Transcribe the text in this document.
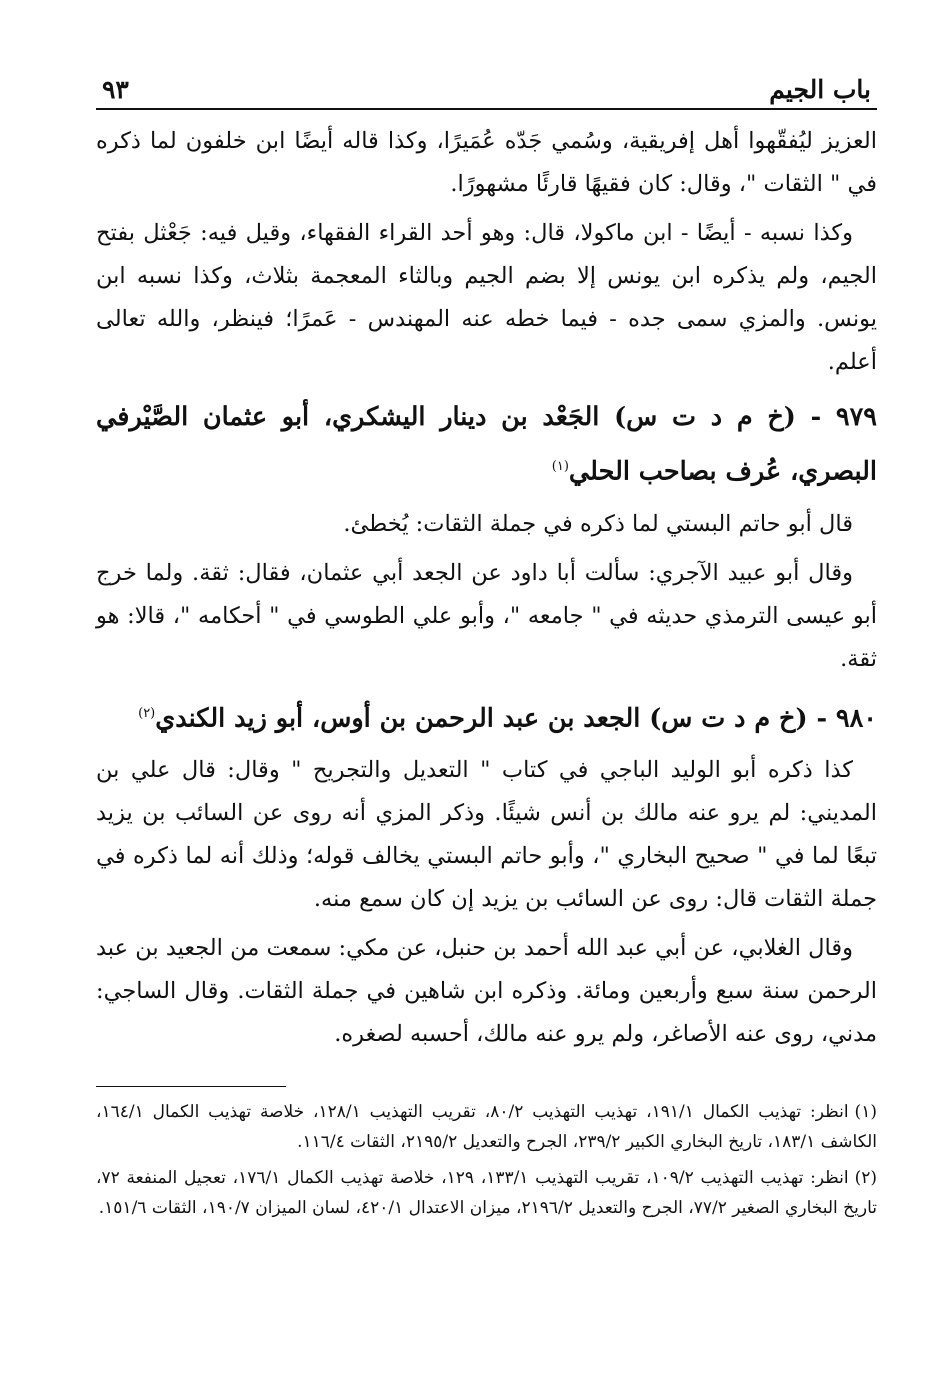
باب الجيم
٩٣

العزيز ليُفقّهوا أهل إفريقية، وسُمي جَدّه عُمَيرًا، وكذا قاله أيضًا ابن خلفون لما ذكره في " الثقات "، وقال: كان فقيهًا قارئًا مشهورًا.

وكذا نسبه - أيضًا - ابن ماكولا، قال: وهو أحد القراء الفقهاء، وقيل فيه: جَعْثل بفتح الجيم، ولم يذكره ابن يونس إلا بضم الجيم وبالثاء المعجمة بثلاث، وكذا نسبه ابن يونس. والمزي سمى جده - فيما خطه عنه المهندس - عَمرًا؛ فينظر، والله تعالى أعلم.

٩٧٩ - (خ م د ت س) الجَعْد بن دينار اليشكري، أبو عثمان الصَّيْرفي البصري، عُرف بصاحب الحلي$^{(١)}$

قال أبو حاتم البستي لما ذكره في جملة الثقات: يُخطئ.

وقال أبو عبيد الآجري: سألت أبا داود عن الجعد أبي عثمان، فقال: ثقة. ولما خرج أبو عيسى الترمذي حديثه في " جامعه "، وأبو علي الطوسي في " أحكامه "، قالا: هو ثقة.

٩٨٠ - (خ م د ت س) الجعد بن عبد الرحمن بن أوس، أبو زيد الكندي$^{(٢)}$

كذا ذكره أبو الوليد الباجي في كتاب " التعديل والتجريح " وقال: قال علي بن المديني: لم يرو عنه مالك بن أنس شيئًا. وذكر المزي أنه روى عن السائب بن يزيد تبعًا لما في " صحيح البخاري "، وأبو حاتم البستي يخالف قوله؛ وذلك أنه لما ذكره في جملة الثقات قال: روى عن السائب بن يزيد إن كان سمع منه.

وقال الغلابي، عن أبي عبد الله أحمد بن حنبل، عن مكي: سمعت من الجعيد بن عبد الرحمن سنة سبع وأربعين ومائة. وذكره ابن شاهين في جملة الثقات. وقال الساجي: مدني، روى عنه الأصاغر، ولم يرو عنه مالك، أحسبه لصغره.

(١)انظر: تهذيب الكمال ١٩١/١، تهذيب التهذيب ٨٠/٢، تقريب التهذيب ١٢٨/١، خلاصة تهذيب الكمال ١٦٤/١، الكاشف ١٨٣/١، تاريخ البخاري الكبير ٢٣٩/٢، الجرح والتعديل ٢١٩٥/٢، الثقات ١١٦/٤.

(٢)انظر: تهذيب التهذيب ١٠٩/٢، تقريب التهذيب ١٣٣/١، ١٢٩، خلاصة تهذيب الكمال ١٧٦/١، تعجيل المنفعة ٧٢، تاريخ البخاري الصغير ٧٧/٢، الجرح والتعديل ٢١٩٦/٢، ميزان الاعتدال ٤٢٠/١، لسان الميزان ١٩٠/٧، الثقات ١٥١/٦.
